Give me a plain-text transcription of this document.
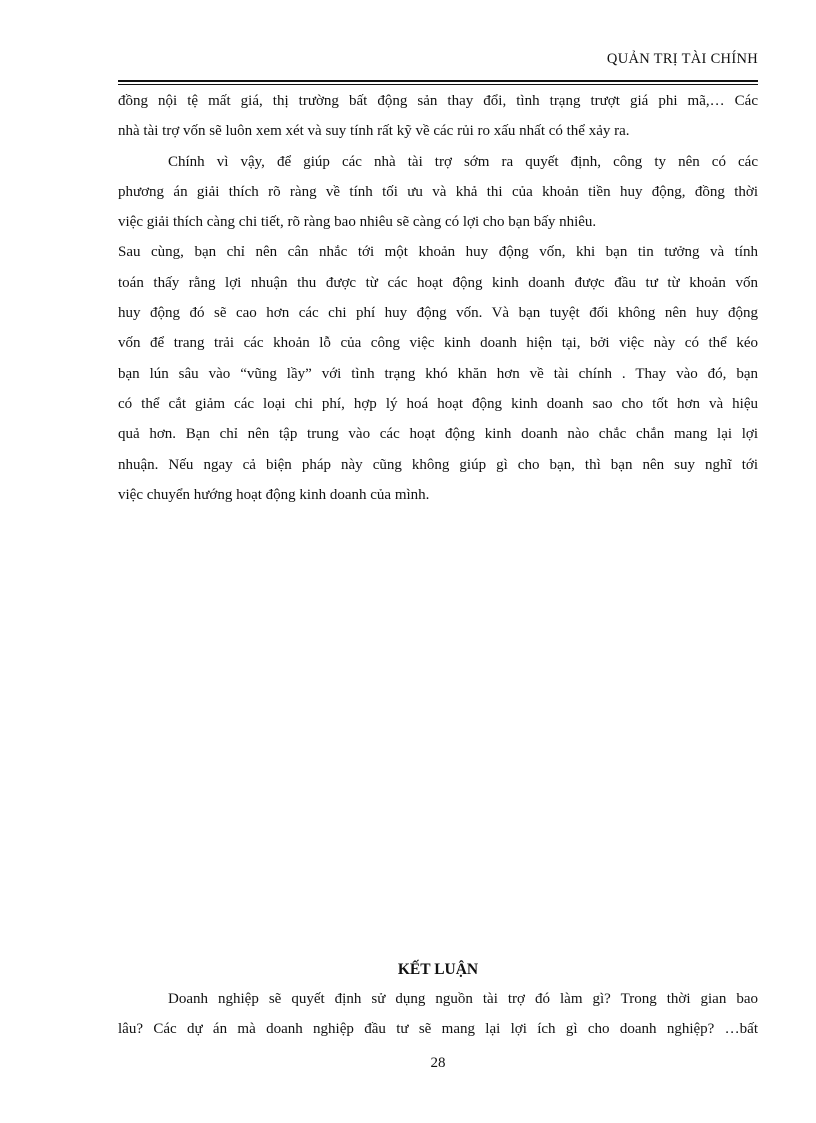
QUẢN TRỊ TÀI CHÍNH

đồng nội tệ mất giá, thị trường bất động sản thay đổi, tình trạng trượt giá phi mã,… Các

nhà tài trợ vốn sẽ luôn xem xét và suy tính rất kỹ về các rủi ro xấu nhất có thể xảy ra.

Chính vì vậy, để giúp các nhà tài trợ sớm ra quyết định, công ty nên có các

phương án giải thích rõ ràng về tính tối ưu và khả thi của khoản tiền huy động, đồng thời

việc giải thích càng chi tiết, rõ ràng bao nhiêu sẽ càng có lợi cho bạn bấy nhiêu.

Sau cùng, bạn chỉ nên cân nhắc tới một khoản huy động vốn, khi bạn tin tưởng và tính

toán thấy rằng lợi nhuận thu được từ các hoạt động kinh doanh được đầu tư từ khoản vốn

huy động đó sẽ cao hơn các chi phí huy động vốn. Và bạn tuyệt đối không nên huy động

vốn để trang trải các khoản lỗ của công việc kinh doanh hiện tại, bởi việc này có thể kéo

bạn lún sâu vào “vũng lầy” với tình trạng khó khăn hơn về tài chính . Thay vào đó, bạn

có thể cắt giảm các loại chi phí, hợp lý hoá hoạt động kinh doanh sao cho tốt hơn và hiệu

quả hơn. Bạn chỉ nên tập trung vào các hoạt động kinh doanh nào chắc chắn mang lại lợi

nhuận. Nếu ngay cả biện pháp này cũng không giúp gì cho bạn, thì bạn nên suy nghĩ tới

việc chuyển hướng hoạt động kinh doanh của mình.

KẾT LUẬN

Doanh nghiệp sẽ quyết định sử dụng nguồn tài trợ đó làm gì? Trong thời gian bao

lâu? Các dự án mà doanh nghiệp đầu tư sẽ mang lại lợi ích gì cho doanh nghiệp? …bất

28
